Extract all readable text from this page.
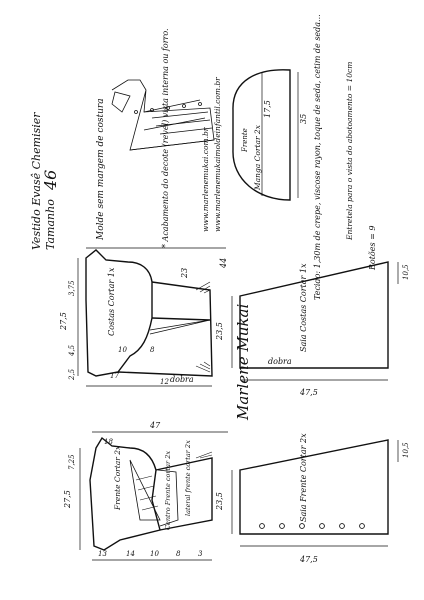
Vestido Evasê Chemisier Tamanho
46	Molde sem margem de costura	* Acabamento do decote (revel) vista interna ou forro.	www.marlenemukai.com.br www.marlenemukaimoldeinfantil.com.br	17,5
35
Frente Manga Cortar 2x	Tecido: 1,30m de crepe, viscose rayon, toque de seda, cetim de seda...	Entretela para o vista do abotoamento = 10cm
Botões = 9
27,5
44
23
3,75
4,5
2,5
10	8
17
12
Costas Cortar 1x
dobra
23,5
47,5
10,5
Saia Costas Cortar 1x
dobra
Marlene Mukai
27,5
47
18
7,25
13	14 10 8	3
Frente Cortar 2x	lateral frente cortar 2x
Centro Frente cortar 2x	23,5
47,5
10,5
Saia Frente Cortar 2x
